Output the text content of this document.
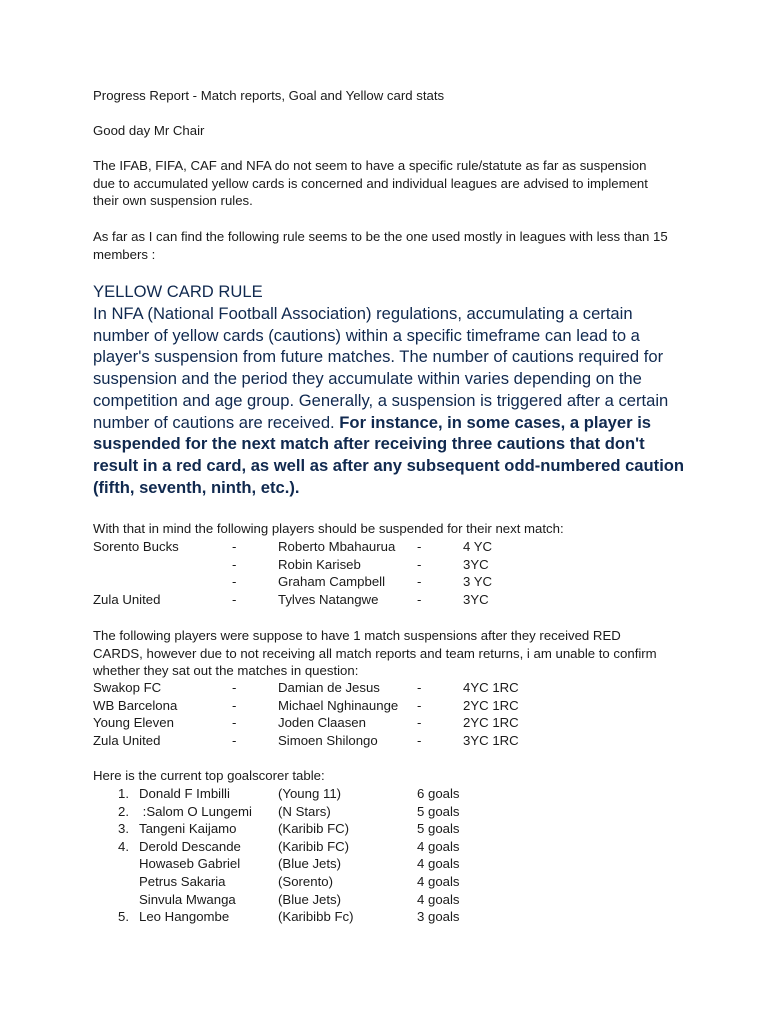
Progress Report - Match reports, Goal and Yellow card stats

Good day Mr Chair

The IFAB, FIFA, CAF and NFA do not seem to have a specific rule/statute as far as suspension due to accumulated yellow cards is concerned and individual leagues are advised to implement their own suspension rules.

As far as I can find the following rule seems to be the one used mostly in leagues with less than 15 members :

YELLOW CARD RULE

In NFA (National Football Association) regulations, accumulating a certain number of yellow cards (cautions) within a specific timeframe can lead to a player's suspension from future matches. The number of cautions required for suspension and the period they accumulate within varies depending on the competition and age group. Generally, a suspension is triggered after a certain number of cautions are received. For instance, in some cases, a player is suspended for the next match after receiving three cautions that don't result in a red card, as well as after any subsequent odd-numbered caution (fifth, seventh, ninth, etc.).

With that in mind the following players should be suspended for their next match:

Sorento Bucks	-	Roberto Mbahaurua -	4 YC
-	Robin Kariseb	-	3YC
-	Graham Campbell -	3 YC
Zula United	-	Tylves Natangwe	-	3YC

The following players were suppose to have 1 match suspensions after they received RED CARDS, however due to not receiving all match reports and team returns, i am unable to confirm whether they sat out the matches in question:

Swakop FC	-	Damian de Jesus	-	4YC 1RC
WB Barcelona	-	Michael Nghinaunge -	2YC 1RC
Young Eleven	-	Joden Claasen	-	2YC 1RC
Zula United	-	Simoen Shilongo	-	3YC 1RC

Here is the current top goalscorer table:

1. Donald F Imbilli	(Young 11)	6 goals
2. :Salom O Lungemi (N Stars)	5 goals
3. Tangeni Kaijamo	(Karibib FC)	5 goals
4. Derold Descande	(Karibib FC)	4 goals
Howaseb Gabriel	(Blue Jets)	4 goals
Petrus Sakaria	(Sorento)	4 goals
Sinvula Mwanga	(Blue Jets)	4 goals
5. Leo Hangombe	(Karibibb Fc)	3 goals
